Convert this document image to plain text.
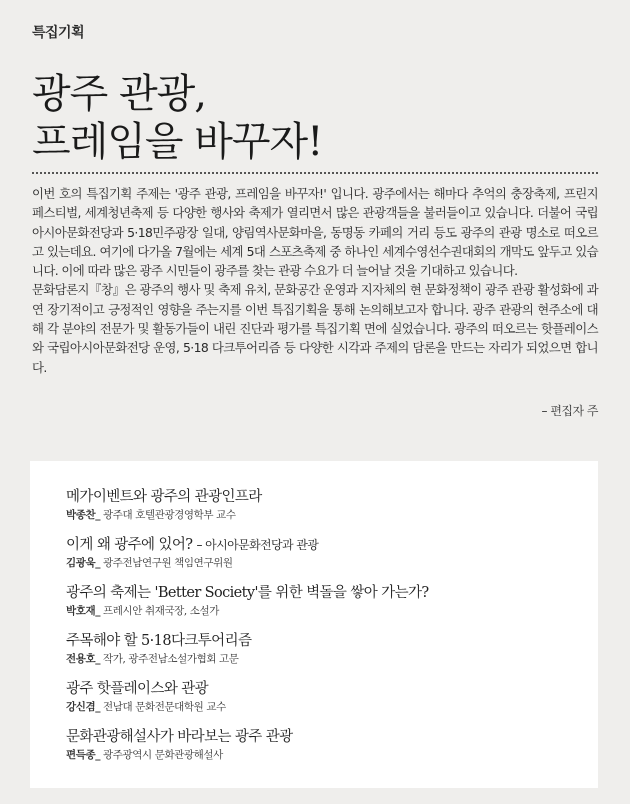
특집기획
광주 관광,
프레임을 바꾸자!

이번 호의 특집기획 주제는 '광주 관광, 프레임을 바꾸자!' 입니다. 광주에서는 해마다 추억의 충장축제, 프린지 페스티벌, 세계청년축제 등 다양한 행사와 축제가 열리면서 많은 관광객들을 불러들이고 있습니다. 더불어 국립아시아문화전당과 5·18민주광장 일대, 양림역사문화마을, 동명동 카페의 거리 등도 광주의 관광 명소로 떠오르고 있는데요. 여기에 다가올 7월에는 세계 5대 스포츠축제 중 하나인 세계수영선수권대회의 개막도 앞두고 있습니다. 이에 따라 많은 광주 시민들이 광주를 찾는 관광 수요가 더 늘어날 것을 기대하고 있습니다.

문화담론지『창』은 광주의 행사 및 축제 유치, 문화공간 운영과 지자체의 현 문화정책이 광주 관광 활성화에 과연 장기적이고 긍정적인 영향을 주는지를 이번 특집기획을 통해 논의해보고자 합니다. 광주 관광의 현주소에 대해 각 분야의 전문가 및 활동가들이 내린 진단과 평가를 특집기획 면에 실었습니다. 광주의 떠오르는 핫플레이스와 국립아시아문화전당 운영, 5·18 다크투어리즘 등 다양한 시각과 주제의 담론을 만드는 자리가 되었으면 합니다.

– 편집자 주
메가이벤트와 광주의 관광인프라
박종찬_ 광주대 호텔관광경영학부 교수
이게 왜 광주에 있어? – 아시아문화전당과 관광
김광욱_ 광주전남연구원 책임연구위원
광주의 축제는 'Better Society'를 위한 벽돌을 쌓아 가는가?
박호재_ 프레시안 취재국장, 소설가
주목해야 할 5·18다크투어리즘
전용호_ 작가, 광주전남소설가협회 고문
광주 핫플레이스와 관광
강신겸_ 전남대 문화전문대학원 교수
문화관광해설사가 바라보는 광주 관광
편득종_ 광주광역시 문화관광해설사
